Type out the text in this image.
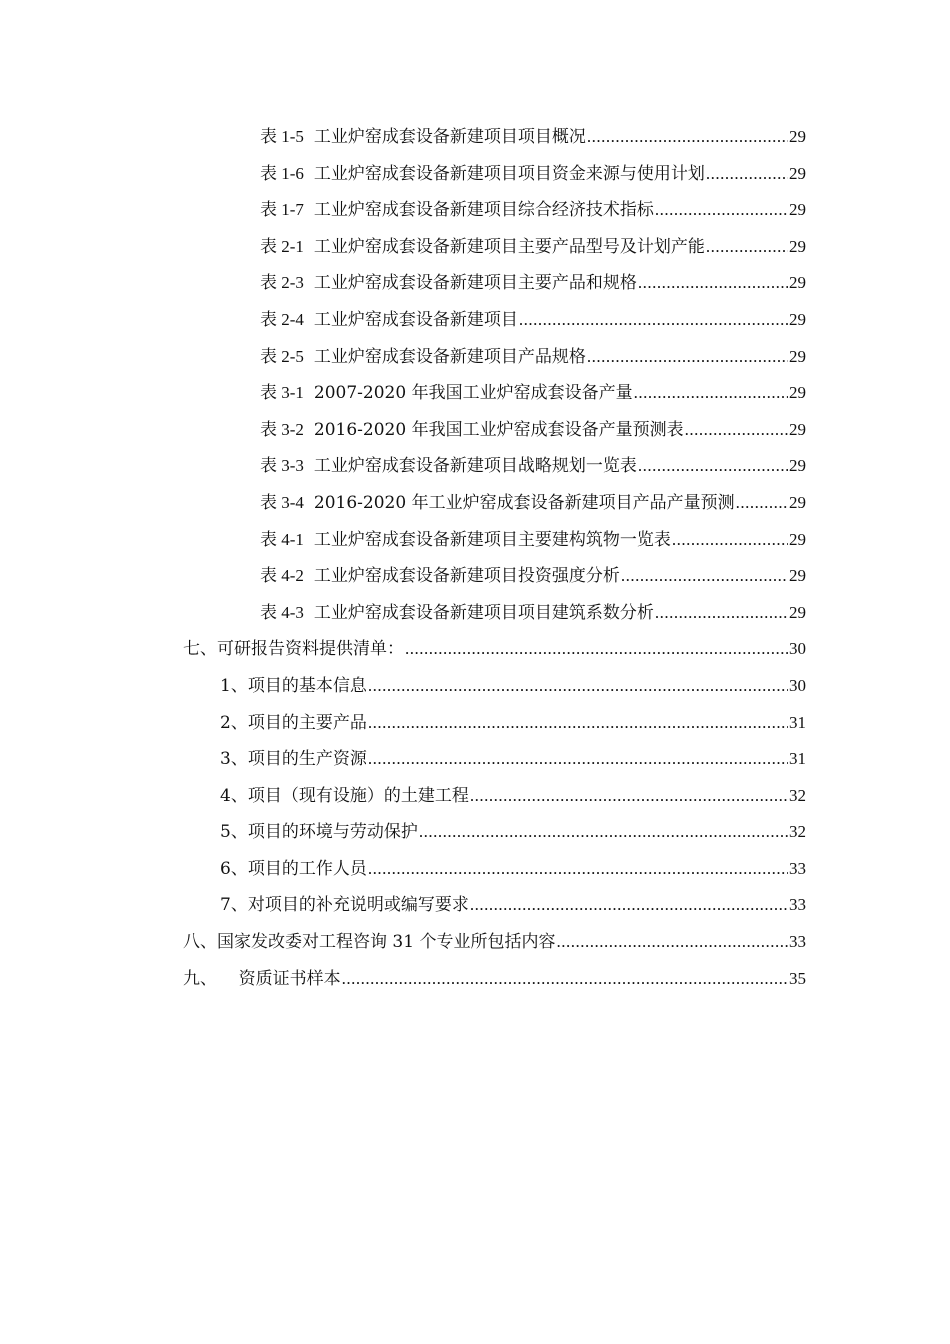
表 1-5 工业炉窑成套设备新建项目项目概况 .....	29
表 1-6 工业炉窑成套设备新建项目项目资金来源与使用计划 .....	29
表 1-7 工业炉窑成套设备新建项目综合经济技术指标 .....	29
表 2-1 工业炉窑成套设备新建项目主要产品型号及计划产能 .....	29
表 2-3 工业炉窑成套设备新建项目主要产品和规格 .....	29
表 2-4 工业炉窑成套设备新建项目 .....	29
表 2-5 工业炉窑成套设备新建项目产品规格 .....	29
表 3-1 2007-2020 年我国工业炉窑成套设备产量 .....	29
表 3-2 2016-2020 年我国工业炉窑成套设备产量预测表 .....	29
表 3-3 工业炉窑成套设备新建项目战略规划一览表 .....	29
表 3-4 2016-2020 年工业炉窑成套设备新建项目产品产量预测 .....	29
表 4-1 工业炉窑成套设备新建项目主要建构筑物一览表 .....	29
表 4-2 工业炉窑成套设备新建项目投资强度分析 .....	29
表 4-3 工业炉窑成套设备新建项目项目建筑系数分析 .....	29
七、可研报告资料提供清单： .....	30
1、项目的基本信息 .....	30
2、项目的主要产品 .....	31
3、项目的生产资源 .....	31
4、项目（现有设施）的土建工程 .....	32
5、项目的环境与劳动保护 .....	32
6、项目的工作人员 .....	33
7、对项目的补充说明或编写要求 .....	33
八、国家发改委对工程咨询 31 个专业所包括内容 .....	33
九、    资质证书样本 .....	35
